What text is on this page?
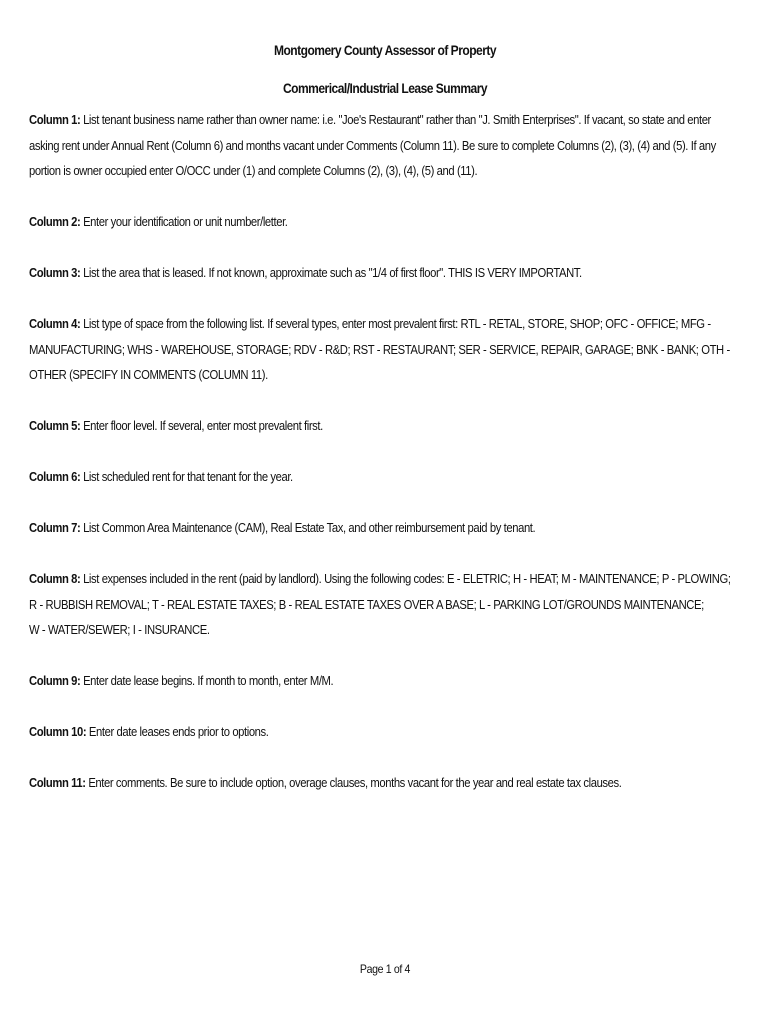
Montgomery County Assessor of Property
Commerical/Industrial Lease Summary

Column 1: List tenant business name rather than owner name: i.e. "Joe's Restaurant" rather than "J. Smith Enterprises". If vacant, so state and enter asking rent under Annual Rent (Column 6) and months vacant under Comments (Column 11). Be sure to complete Columns (2), (3), (4) and (5). If any portion is owner occupied enter O/OCC under (1) and complete Columns (2), (3), (4), (5) and (11).

Column 2: Enter your identification or unit number/letter.

Column 3: List the area that is leased. If not known, approximate such as "1/4 of first floor". THIS IS VERY IMPORTANT.

Column 4: List type of space from the following list. If several types, enter most prevalent first: RTL - RETAL, STORE, SHOP; OFC - OFFICE; MFG - MANUFACTURING; WHS - WAREHOUSE, STORAGE; RDV - R&D; RST - RESTAURANT; SER - SERVICE, REPAIR, GARAGE; BNK - BANK; OTH - OTHER (SPECIFY IN COMMENTS (COLUMN 11).

Column 5: Enter floor level. If several, enter most prevalent first.

Column 6: List scheduled rent for that tenant for the year.

Column 7: List Common Area Maintenance (CAM), Real Estate Tax, and other reimbursement paid by tenant.

Column 8: List expenses included in the rent (paid by landlord). Using the following codes: E - ELETRIC; H - HEAT; M - MAINTENANCE; P - PLOWING; R - RUBBISH REMOVAL; T - REAL ESTATE TAXES; B - REAL ESTATE TAXES OVER A BASE; L - PARKING LOT/GROUNDS MAINTENANCE;
W - WATER/SEWER; I - INSURANCE.

Column 9: Enter date lease begins. If month to month, enter M/M.

Column 10: Enter date leases ends prior to options.

Column 11: Enter comments. Be sure to include option, overage clauses, months vacant for the year and real estate tax clauses.

Page 1 of 4
